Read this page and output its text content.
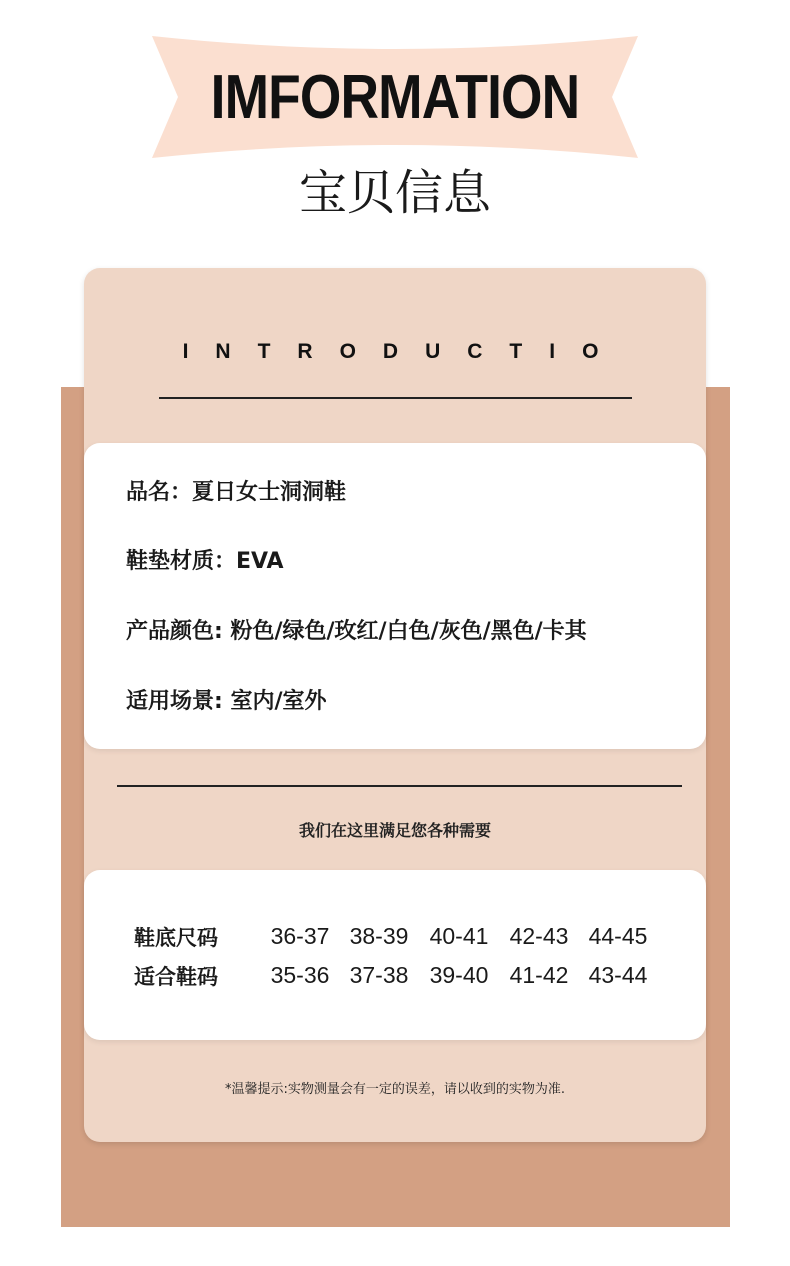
IMFORMATION
宝贝信息
INTRODUCTIO
品名：夏日女士洞洞鞋
鞋垫材质：EVA
产品颜色: 粉色/绿色/玫红/白色/灰色/黑色/卡其
适用场景: 室内/室外
我们在这里满足您各种需要
鞋底尺码	36-37 38-39 40-41 42-43 44-45
适合鞋码	35-36 37-38 39-40 41-42 43-44
*温馨提示:实物测量会有一定的误差，请以收到的实物为准.
